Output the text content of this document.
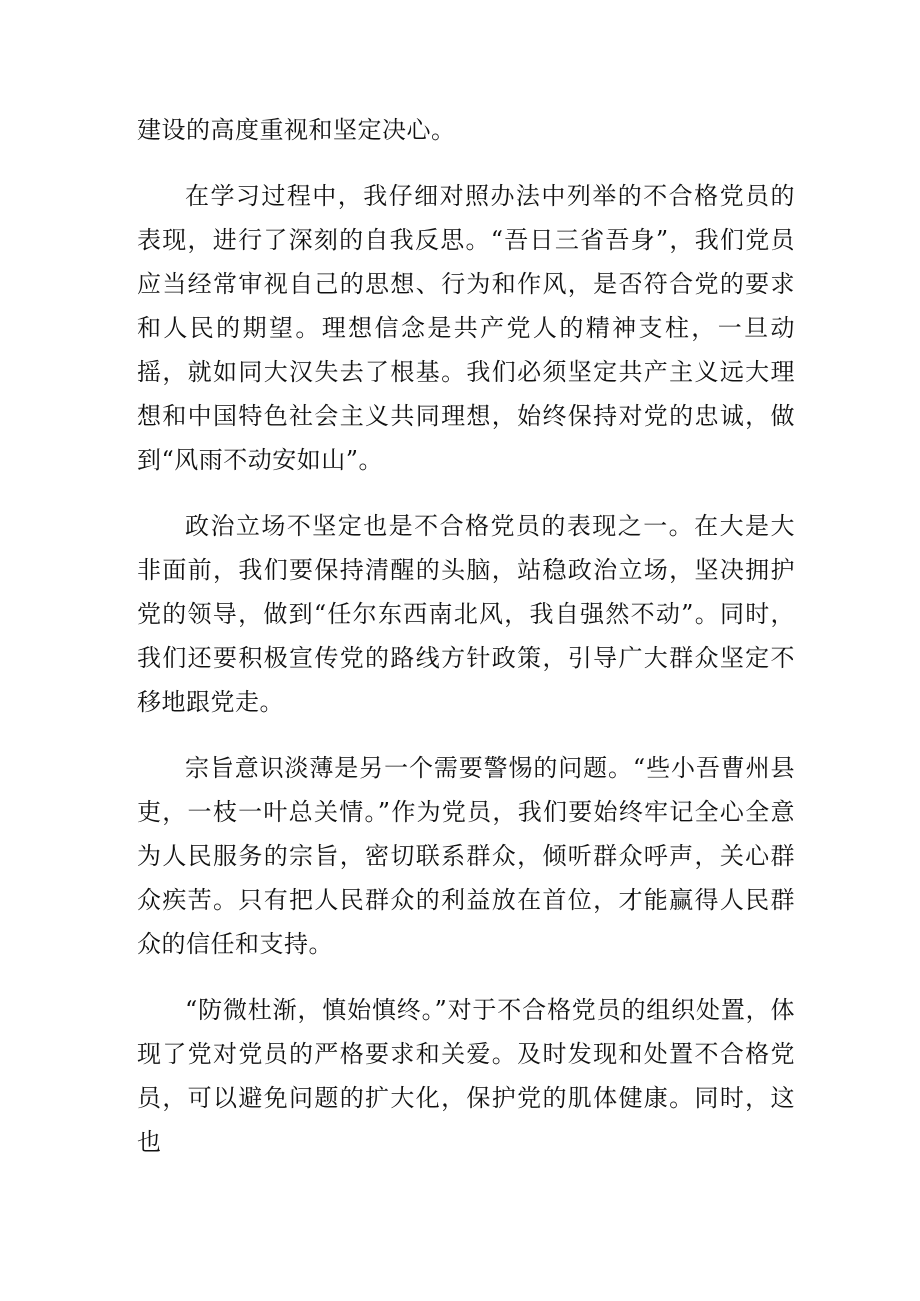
建设的高度重视和坚定决心。

在学习过程中，我仔细对照办法中列举的不合格党员的表现，进行了深刻的自我反思。“吾日三省吾身”，我们党员应当经常审视自己的思想、行为和作风，是否符合党的要求和人民的期望。理想信念是共产党人的精神支柱，一旦动摇，就如同大汉失去了根基。我们必须坚定共产主义远大理想和中国特色社会主义共同理想，始终保持对党的忠诚，做到“风雨不动安如山”。

政治立场不坚定也是不合格党员的表现之一。在大是大非面前，我们要保持清醒的头脑，站稳政治立场，坚决拥护党的领导，做到“任尔东西南北风，我自强然不动”。同时，我们还要积极宣传党的路线方针政策，引导广大群众坚定不移地跟党走。

宗旨意识淡薄是另一个需要警惕的问题。“些小吾曹州县吏，一枝一叶总关情。”作为党员，我们要始终牢记全心全意为人民服务的宗旨，密切联系群众，倾听群众呼声，关心群众疾苦。只有把人民群众的利益放在首位，才能赢得人民群众的信任和支持。

“防微杜渐，慎始慎终。”对于不合格党员的组织处置，体现了党对党员的严格要求和关爱。及时发现和处置不合格党员，可以避免问题的扩大化，保护党的肌体健康。同时，这也
